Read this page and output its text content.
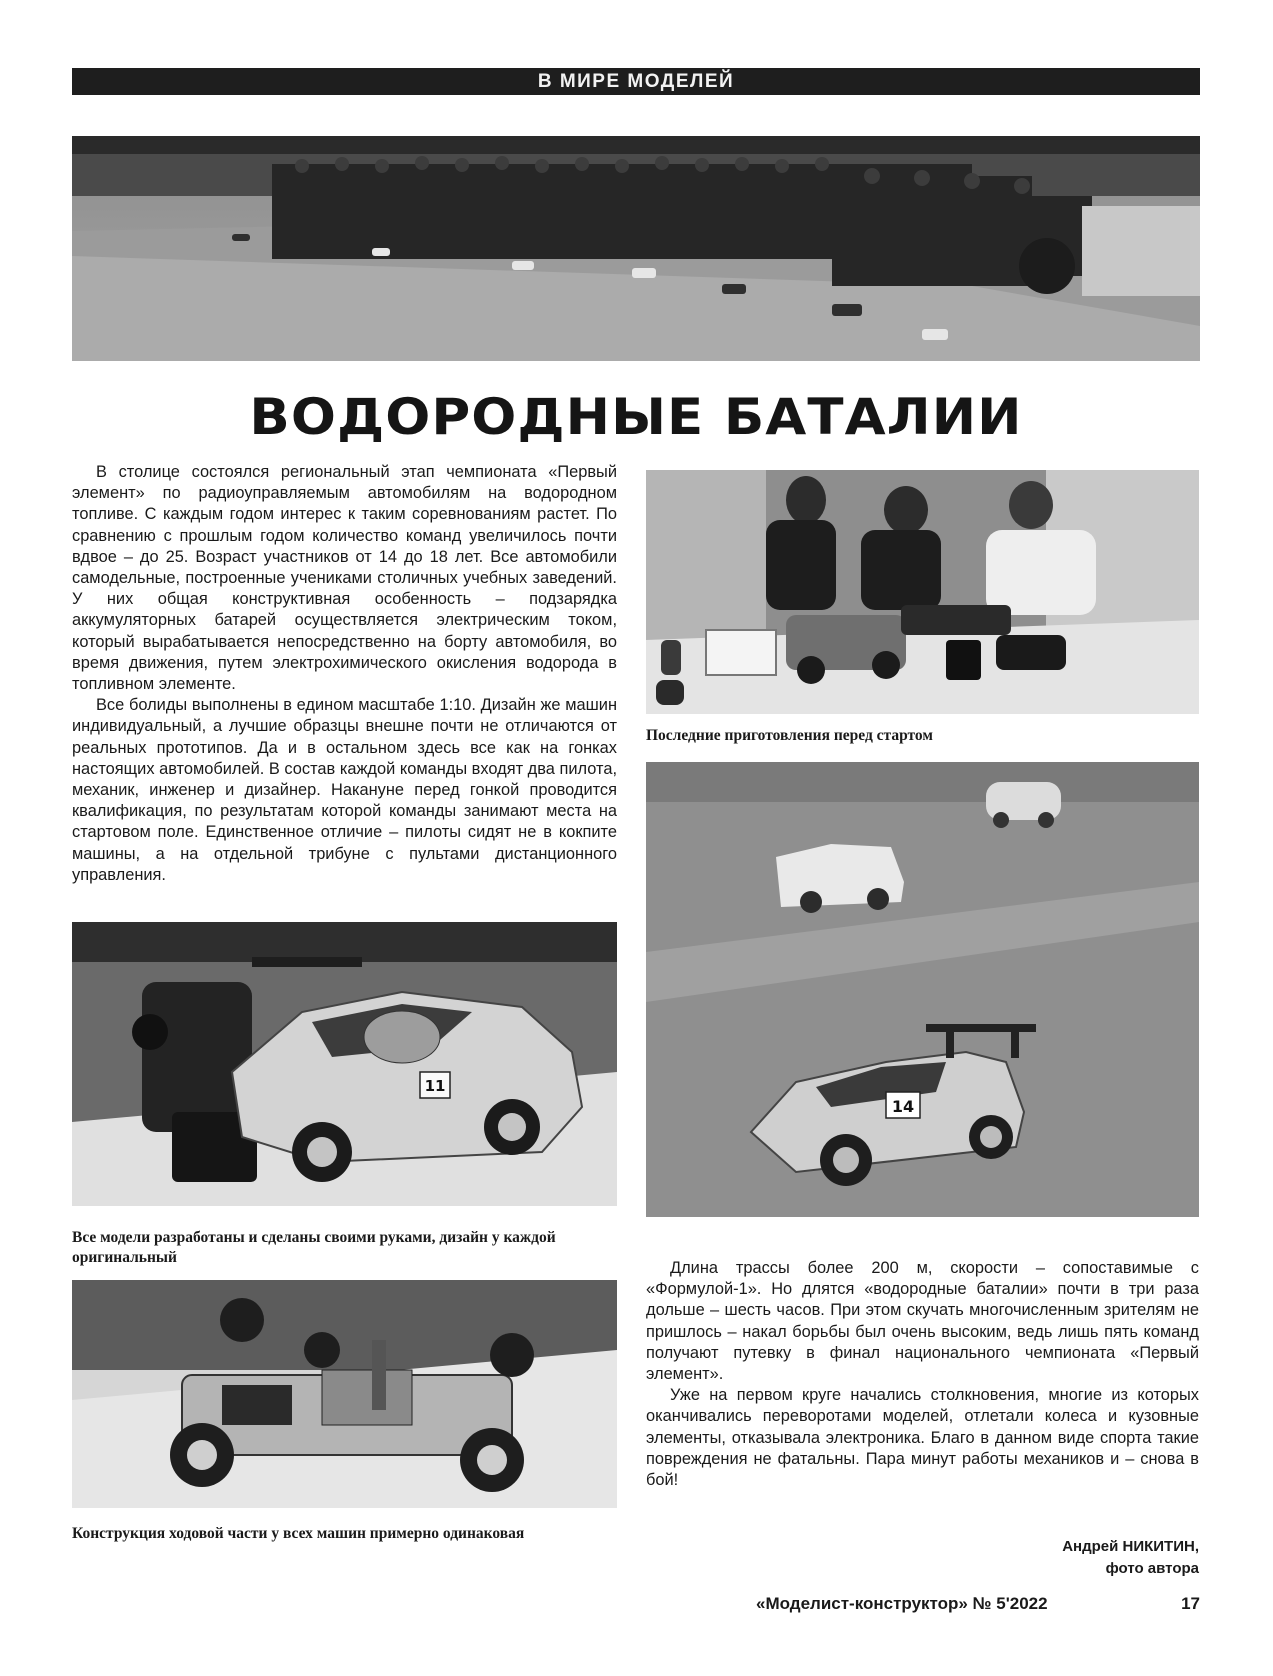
В МИРЕ МОДЕЛЕЙ
ВОДОРОДНЫЕ БАТАЛИИ

В столице состоялся региональный этап чемпионата «Первый элемент» по радиоуправляемым автомобилям на водородном топливе. С каждым годом интерес к таким соревнованиям растет. По сравнению с прошлым годом количество команд увеличилось почти вдвое – до 25. Возраст участников от 14 до 18 лет. Все автомобили самодельные, построенные учениками столичных учебных заведений. У них общая конструктивная особенность – подзарядка аккумуляторных батарей осуществляется электрическим током, который вырабатывается непосредственно на борту автомобиля, во время движения, путем электрохимического окисления водорода в топливном элементе.

Все болиды выполнены в едином масштабе 1:10. Дизайн же машин индивидуальный, а лучшие образцы внешне почти не отличаются от реальных прототипов. Да и в остальном здесь все как на гонках настоящих автомобилей. В состав каждой команды входят два пилота, механик, инженер и дизайнер. Накануне перед гонкой проводится квалификация, по результатам которой команды занимают места на стартовом поле. Единственное отличие – пилоты сидят не в кокпите машины, а на отдельной трибуне с пультами дистанционного управления.

Последние приготовления перед стартом
14
11
Все модели разработаны и сделаны своими руками, дизайн у каждой оригинальный
Конструкция ходовой части у всех машин примерно одинаковая

Длина трассы более 200 м, скорости – сопоставимые с «Формулой-1». Но длятся «водородные баталии» почти в три раза дольше – шесть часов. При этом скучать многочисленным зрителям не пришлось – накал борьбы был очень высоким, ведь лишь пять команд получают путевку в финал национального чемпионата «Первый элемент».

Уже на первом круге начались столкновения, многие из которых оканчивались переворотами моделей, отлетали колеса и кузовные элементы, отказывала электроника. Благо в данном виде спорта такие повреждения не фатальны. Пара минут работы механиков и – снова в бой!

Андрей НИКИТИН,
фото автора
«Моделист-конструктор» № 5'2022	17
